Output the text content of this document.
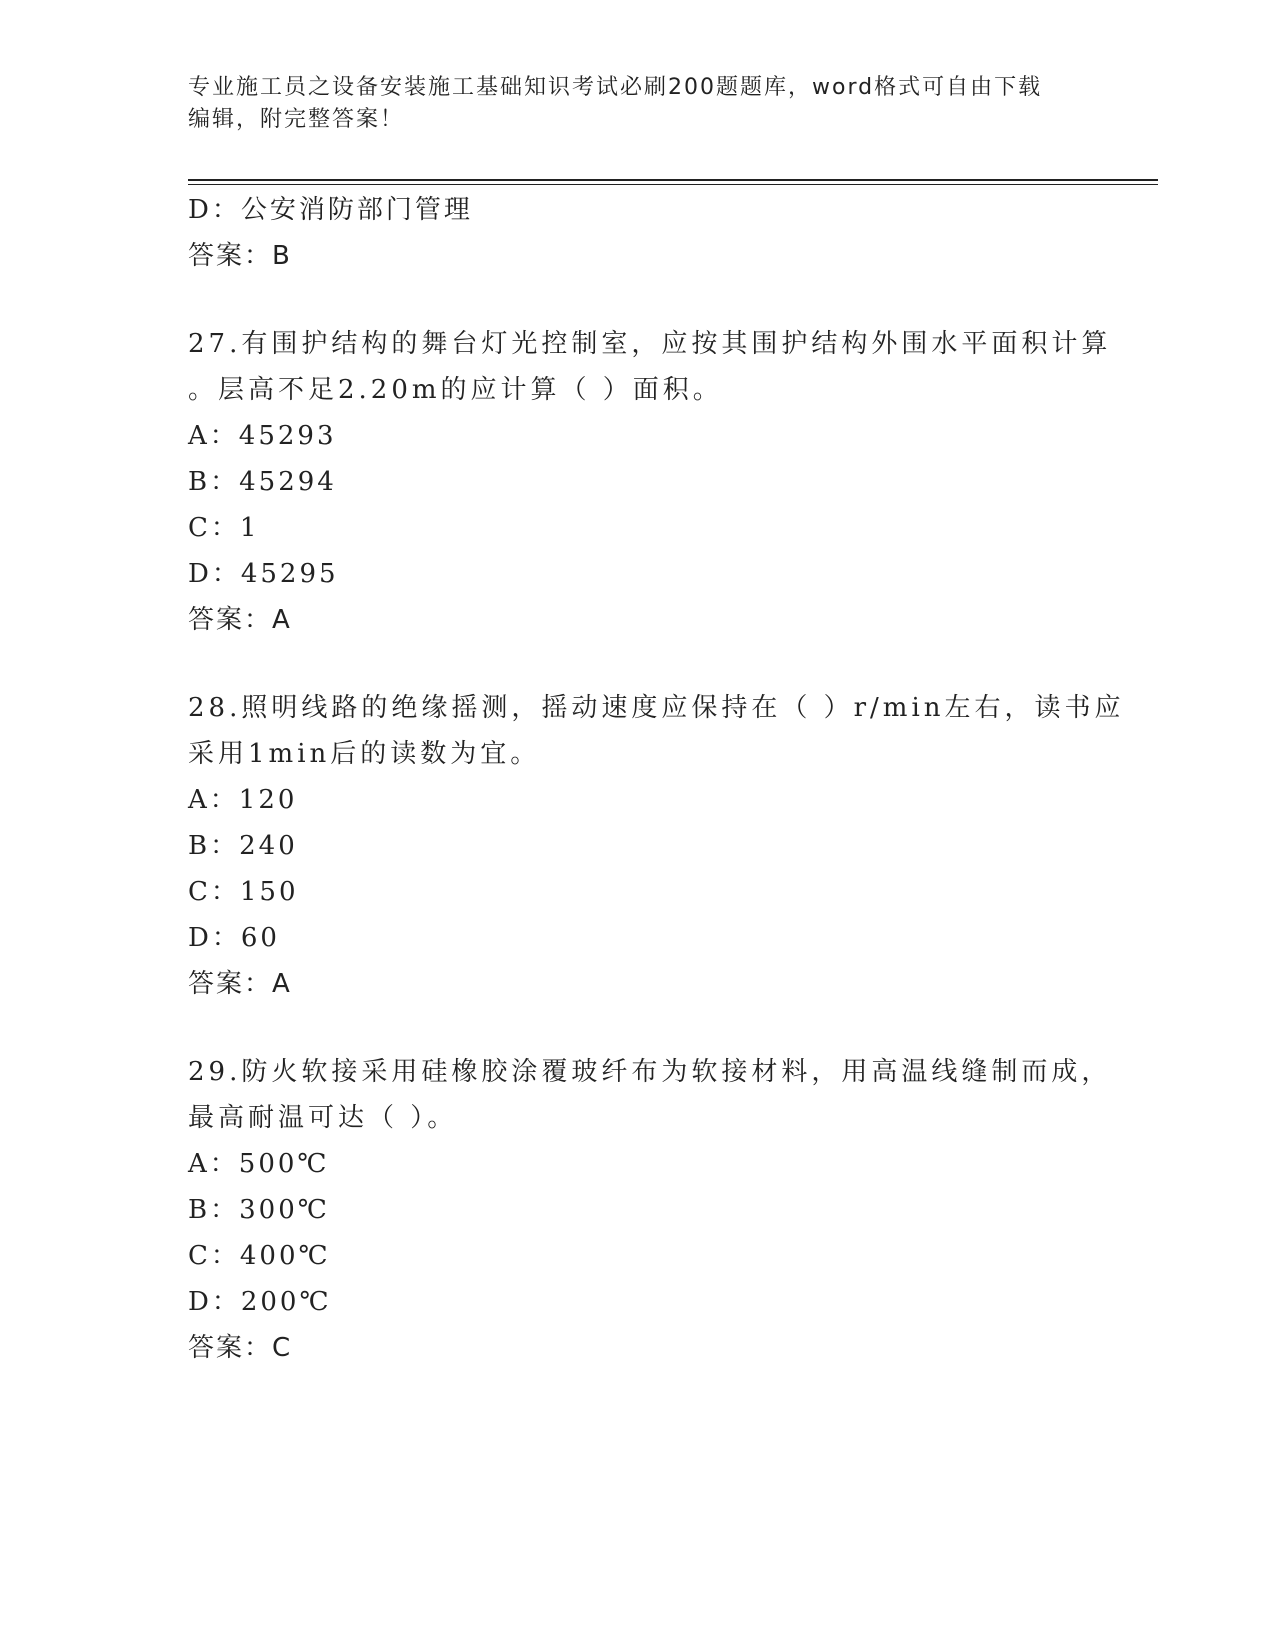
专业施工员之设备安装施工基础知识考试必刷200题题库，word格式可自由下载
编辑，附完整答案！
D：公安消防部门管理
答案：B
27.有围护结构的舞台灯光控制室，应按其围护结构外围水平面积计算
。层高不足2.20m的应计算（ ）面积。
A：45293
B：45294
C：1
D：45295
答案：A
28.照明线路的绝缘摇测，摇动速度应保持在（ ）r/min左右，读书应
采用1min后的读数为宜。
A：120
B：240
C：150
D：60
答案：A
29.防火软接采用硅橡胶涂覆玻纤布为软接材料，用高温线缝制而成，
最高耐温可达（ ）。
A：500℃
B：300℃
C：400℃
D：200℃
答案：C
